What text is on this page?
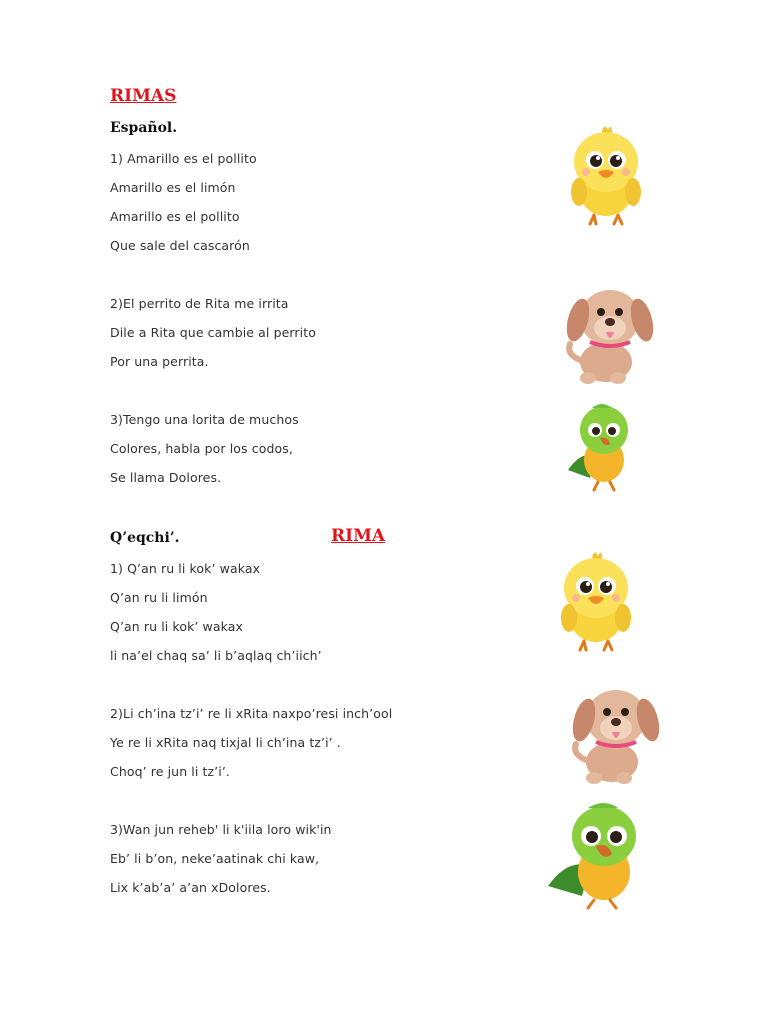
RIMAS
Español.
1) Amarillo es el pollito
Amarillo es el limón
Amarillo es el pollito
Que sale del cascarón
2)El perrito de Rita me irrita
Dile a Rita que cambie al perrito
Por una perrita.
3)Tengo una lorita de muchos
Colores, habla por los codos,
Se llama Dolores.
Q’eqchi’.	RIMA
1) Q’an ru li kok’ wakax
Q’an ru li limón
Q’an ru li kok’ wakax
li na’el chaq sa’ li b’aqlaq ch’iich’
2)Li ch’ina tz’i’ re li xRita naxpo’resi inch’ool
Ye re li xRita naq tixjal li ch’ina tz’i’ .
Choq’ re jun li tz’i’.
3)Wan jun reheb' li k'iila loro wik'in
Eb’ li b’on, neke’aatinak chi kaw,
Lix k’ab’a’ a’an xDolores.
